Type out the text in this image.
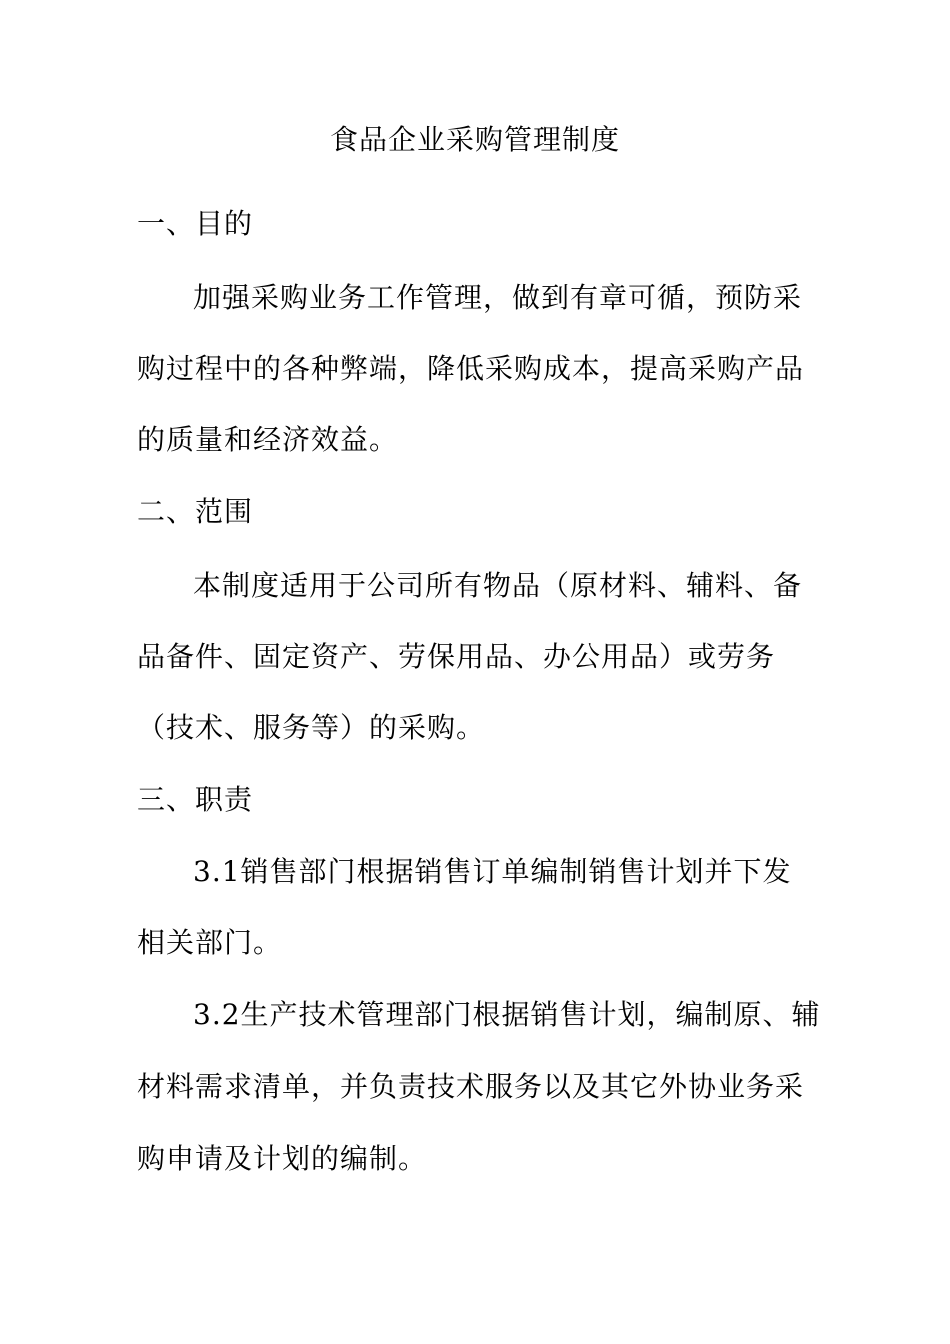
食品企业采购管理制度
一、目的
加强采购业务工作管理，做到有章可循，预防采
购过程中的各种弊端，降低采购成本，提高采购产品
的质量和经济效益。
二、范围
本制度适用于公司所有物品（原材料、辅料、备
品备件、固定资产、劳保用品、办公用品）或劳务
（技术、服务等）的采购。
三、职责
3.1销售部门根据销售订单编制销售计划并下发
相关部门。
3.2生产技术管理部门根据销售计划，编制原、辅
材料需求清单，并负责技术服务以及其它外协业务采
购申请及计划的编制。
